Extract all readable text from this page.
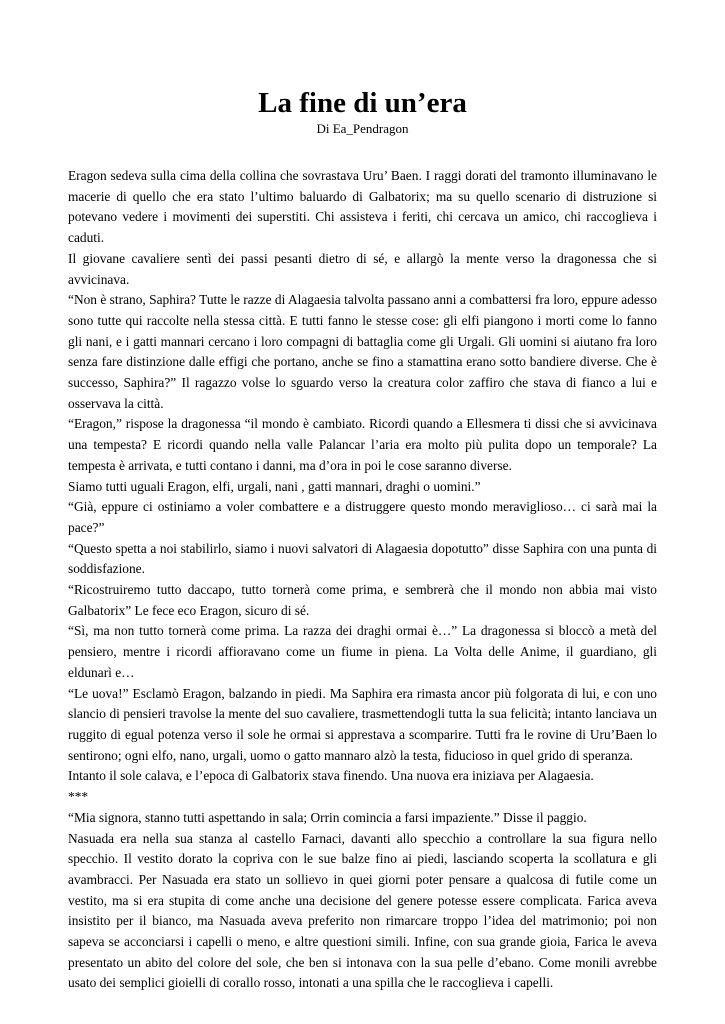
La fine di un’era
Di Ea_Pendragon

Eragon sedeva sulla cima della collina che sovrastava Uru’ Baen. I raggi dorati del tramonto illuminavano le macerie di quello che era stato l’ultimo baluardo di Galbatorix; ma su quello scenario di distruzione si potevano vedere i movimenti dei superstiti. Chi assisteva i feriti, chi cercava un amico, chi raccoglieva i caduti.

Il giovane cavaliere sentì dei passi pesanti dietro di sé, e allargò la mente verso la dragonessa che si avvicinava.

“Non è strano, Saphira? Tutte le razze di Alagaesia talvolta passano anni a combattersi fra loro, eppure adesso sono tutte qui raccolte nella stessa città. E tutti fanno le stesse cose: gli elfi piangono i morti come lo fanno gli nani, e i gatti mannari cercano i loro compagni di battaglia come gli Urgali. Gli uomini si aiutano fra loro senza fare distinzione dalle effigi che portano, anche se fino a stamattina erano sotto bandiere diverse. Che è successo, Saphira?” Il ragazzo volse lo sguardo verso la creatura color zaffiro che stava di fianco a lui e osservava la città.

“Eragon,” rispose la dragonessa “il mondo è cambiato. Ricordi quando a Ellesmera ti dissi che si avvicinava una tempesta? E ricordi quando nella valle Palancar l’aria era molto più pulita dopo un temporale? La tempesta è arrivata, e tutti contano i danni, ma d’ora in poi le cose saranno diverse.

Siamo tutti uguali Eragon, elfi, urgali, nani , gatti mannari, draghi o uomini.”

“Già, eppure ci ostiniamo a voler combattere e a distruggere questo mondo meraviglioso… ci sarà mai la pace?”

“Questo spetta a noi stabilirlo, siamo i nuovi salvatori di Alagaesia dopotutto” disse Saphira con una punta di soddisfazione.

“Ricostruiremo tutto daccapo, tutto tornerà come prima, e sembrerà che il mondo non abbia mai visto Galbatorix” Le fece eco Eragon, sicuro di sé.

“Sì, ma non tutto tornerà come prima. La razza dei draghi ormai è…” La dragonessa si bloccò a metà del pensiero, mentre i ricordi affioravano come un fiume in piena. La Volta delle Anime, il guardiano, gli eldunarì e…

“Le uova!” Esclamò Eragon, balzando in piedi. Ma Saphira era rimasta ancor più folgorata di lui, e con uno slancio di pensieri travolse la mente del suo cavaliere, trasmettendogli tutta la sua felicità; intanto lanciava un ruggito di egual potenza verso il sole he ormai si apprestava a scomparire. Tutti fra le rovine di Uru’Baen lo sentirono; ogni elfo, nano, urgali, uomo o gatto mannaro alzò la testa, fiducioso in quel grido di speranza.

Intanto il sole calava, e l’epoca di Galbatorix stava finendo. Una nuova era iniziava per Alagaesia.

***

“Mia signora, stanno tutti aspettando in sala; Orrin comincia a farsi impaziente.” Disse il paggio.

Nasuada era nella sua stanza al castello Farnaci, davanti allo specchio a controllare la sua figura nello specchio. Il vestito dorato la copriva con le sue balze fino ai piedi, lasciando scoperta la scollatura e gli avambracci. Per Nasuada era stato un sollievo in quei giorni poter pensare a qualcosa di futile come un vestito, ma si era stupita di come anche una decisione del genere potesse essere complicata. Farica aveva insistito per il bianco, ma Nasuada aveva preferito non rimarcare troppo l’idea del matrimonio; poi non sapeva se acconciarsi i capelli o meno, e altre questioni simili. Infine, con sua grande gioia, Farica le aveva presentato un abito del colore del sole, che ben si intonava con la sua pelle d’ebano. Come monili avrebbe usato dei semplici gioielli di corallo rosso, intonati a una spilla che le raccoglieva i capelli.
